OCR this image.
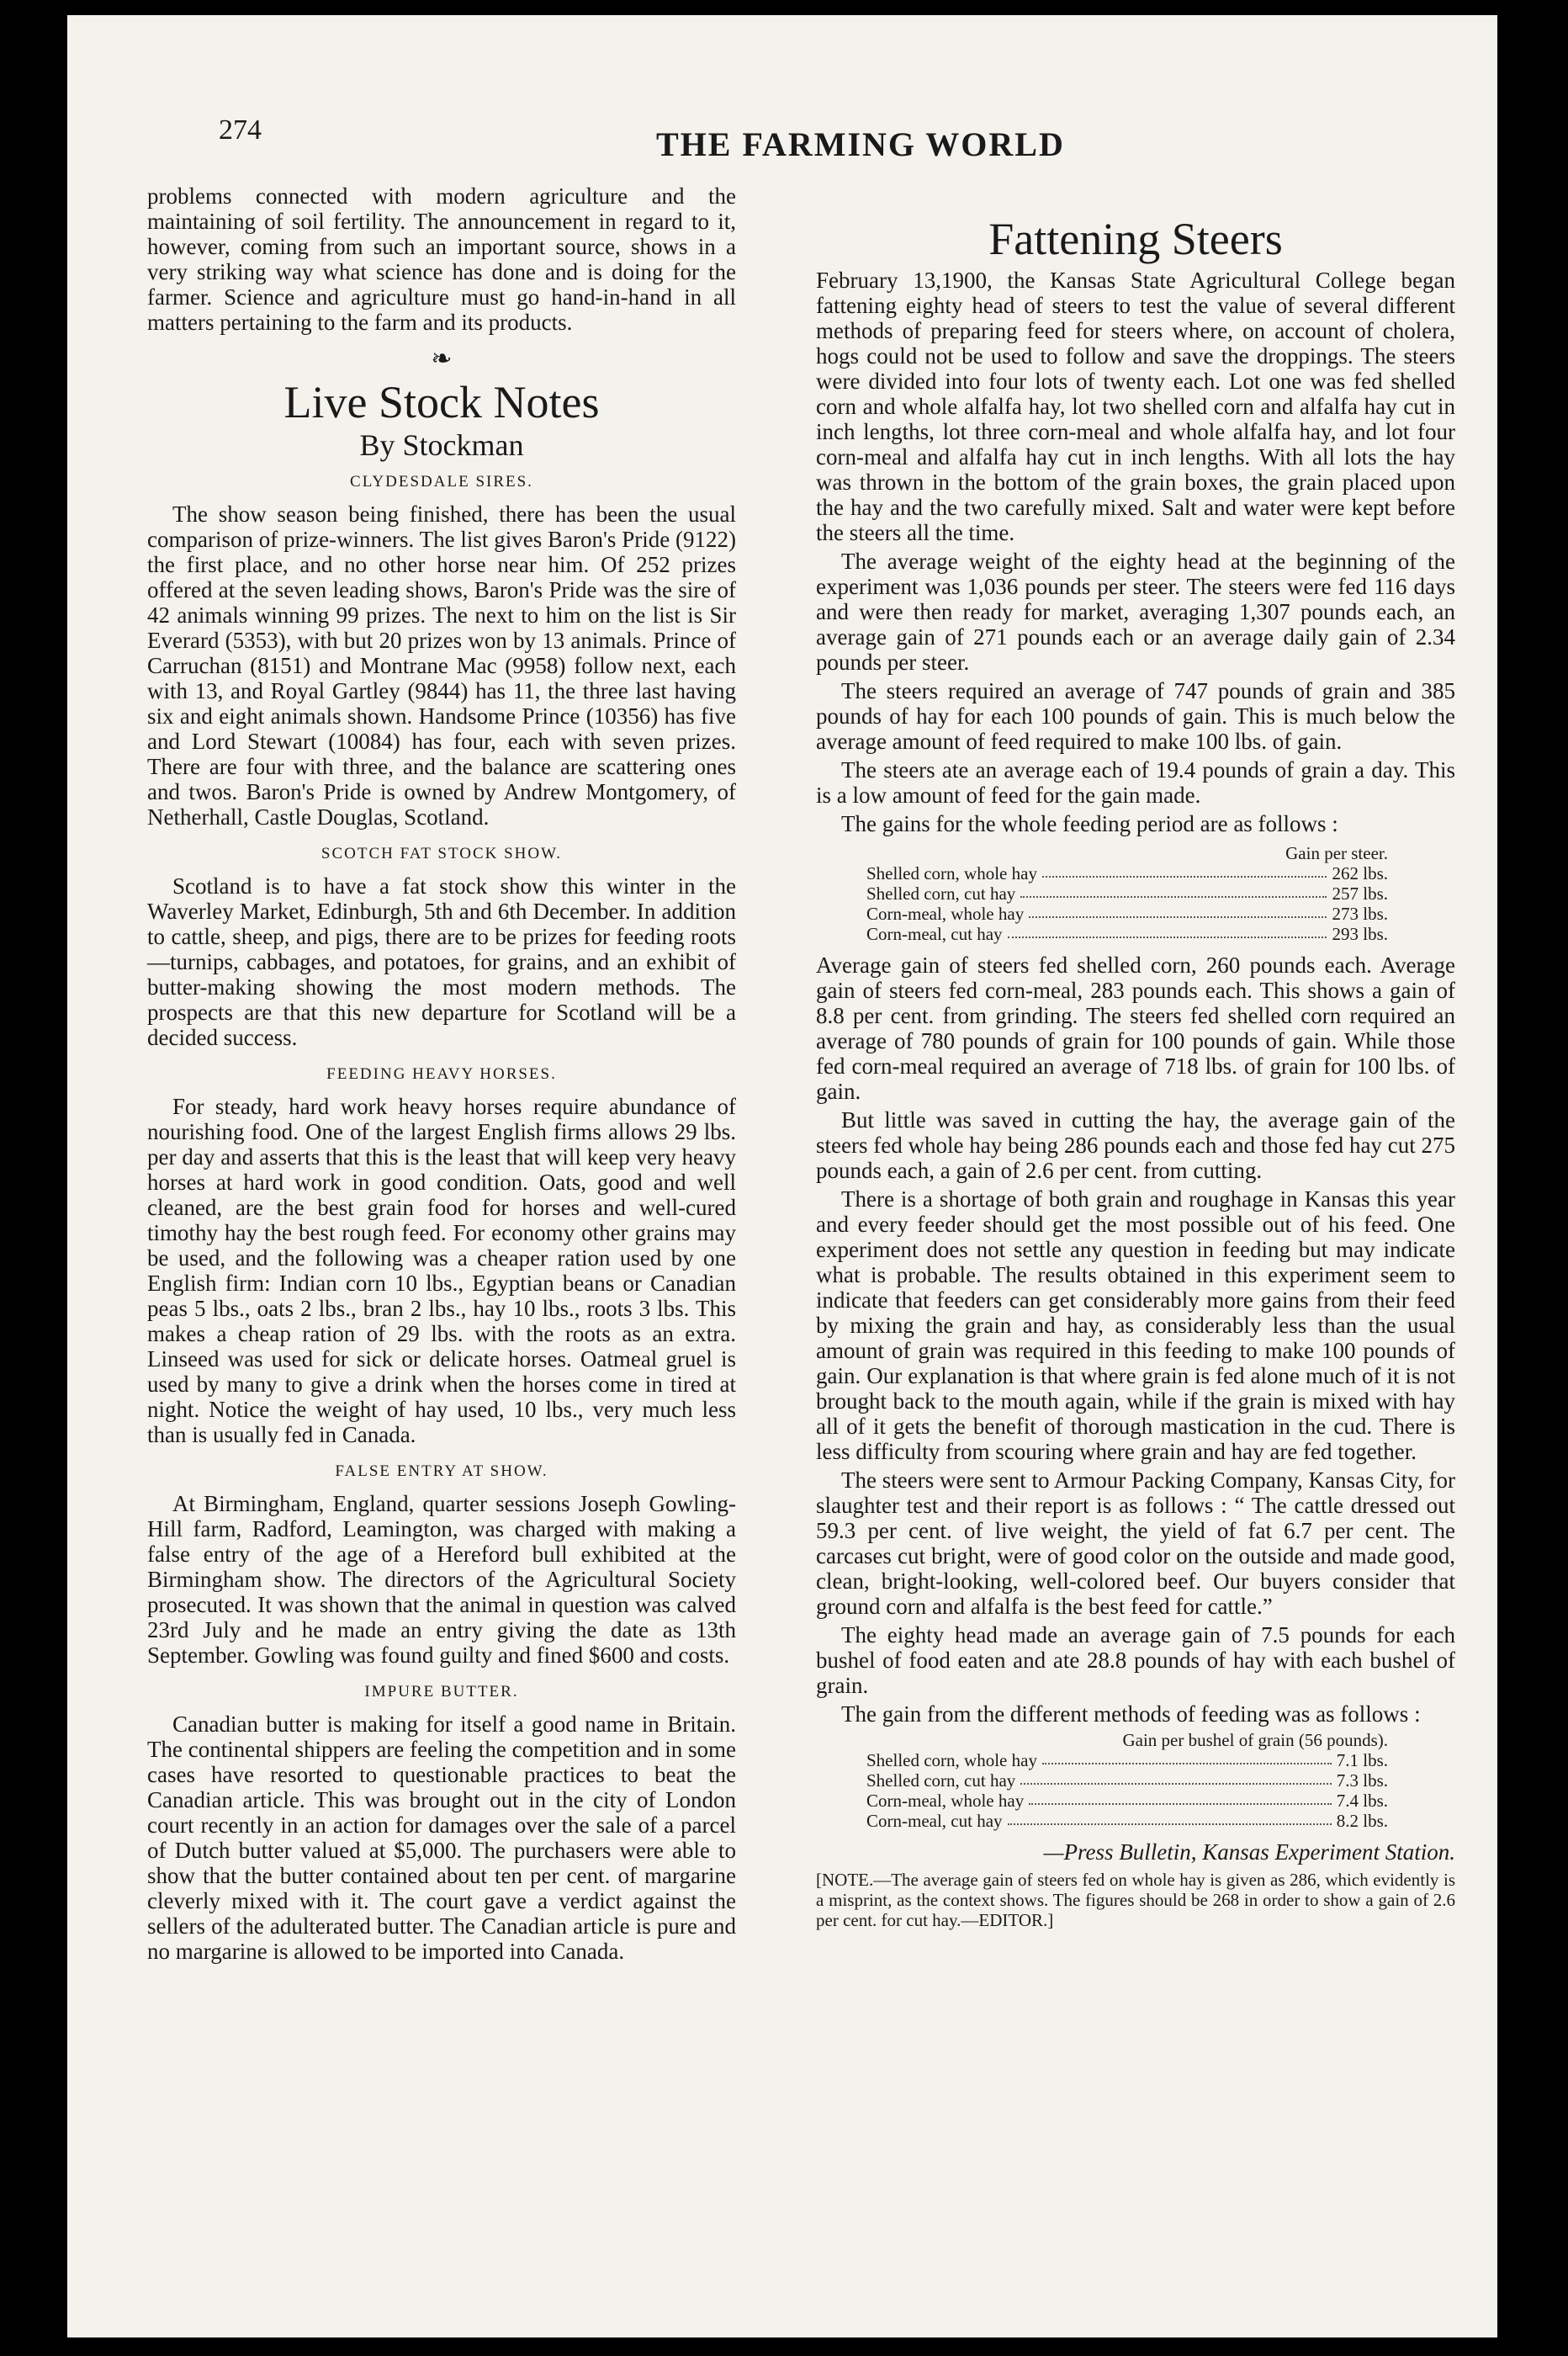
274	THE FARMING WORLD

problems connected with modern agriculture and the maintaining of soil fertility. The announcement in regard to it, however, coming from such an important source, shows in a very striking way what science has done and is doing for the farmer. Science and agriculture must go hand-in-hand in all matters pertaining to the farm and its products.

❧
Live Stock Notes
By Stockman
CLYDESDALE SIRES.

The show season being finished, there has been the usual comparison of prize-winners. The list gives Baron's Pride (9122) the first place, and no other horse near him. Of 252 prizes offered at the seven leading shows, Baron's Pride was the sire of 42 animals winning 99 prizes. The next to him on the list is Sir Everard (5353), with but 20 prizes won by 13 animals. Prince of Carruchan (8151) and Montrane Mac (9958) follow next, each with 13, and Royal Gartley (9844) has 11, the three last having six and eight animals shown. Handsome Prince (10356) has five and Lord Stewart (10084) has four, each with seven prizes. There are four with three, and the balance are scattering ones and twos. Baron's Pride is owned by Andrew Montgomery, of Netherhall, Castle Douglas, Scotland.

SCOTCH FAT STOCK SHOW.

Scotland is to have a fat stock show this winter in the Waverley Market, Edinburgh, 5th and 6th December. In addition to cattle, sheep, and pigs, there are to be prizes for feeding roots—turnips, cabbages, and potatoes, for grains, and an exhibit of butter-making showing the most modern methods. The prospects are that this new departure for Scotland will be a decided success.

FEEDING HEAVY HORSES.

For steady, hard work heavy horses require abundance of nourishing food. One of the largest English firms allows 29 lbs. per day and asserts that this is the least that will keep very heavy horses at hard work in good condition. Oats, good and well cleaned, are the best grain food for horses and well-cured timothy hay the best rough feed. For economy other grains may be used, and the following was a cheaper ration used by one English firm: Indian corn 10 lbs., Egyptian beans or Canadian peas 5 lbs., oats 2 lbs., bran 2 lbs., hay 10 lbs., roots 3 lbs. This makes a cheap ration of 29 lbs. with the roots as an extra. Linseed was used for sick or delicate horses. Oatmeal gruel is used by many to give a drink when the horses come in tired at night. Notice the weight of hay used, 10 lbs., very much less than is usually fed in Canada.

FALSE ENTRY AT SHOW.

At Birmingham, England, quarter sessions Joseph Gowling-Hill farm, Radford, Leamington, was charged with making a false entry of the age of a Hereford bull exhibited at the Birmingham show. The directors of the Agricultural Society prosecuted. It was shown that the animal in question was calved 23rd July and he made an entry giving the date as 13th September. Gowling was found guilty and fined $600 and costs.

IMPURE BUTTER.

Canadian butter is making for itself a good name in Britain. The continental shippers are feeling the competition and in some cases have resorted to questionable practices to beat the Canadian article. This was brought out in the city of London court recently in an action for damages over the sale of a parcel of Dutch butter valued at $5,000. The purchasers were able to show that the butter contained about ten per cent. of margarine cleverly mixed with it. The court gave a verdict against the sellers of the adulterated butter. The Canadian article is pure and no margarine is allowed to be imported into Canada.

Fattening Steers

February 13,1900, the Kansas State Agricultural College began fattening eighty head of steers to test the value of several different methods of preparing feed for steers where, on account of cholera, hogs could not be used to follow and save the droppings. The steers were divided into four lots of twenty each. Lot one was fed shelled corn and whole alfalfa hay, lot two shelled corn and alfalfa hay cut in inch lengths, lot three corn-meal and whole alfalfa hay, and lot four corn-meal and alfalfa hay cut in inch lengths. With all lots the hay was thrown in the bottom of the grain boxes, the grain placed upon the hay and the two carefully mixed. Salt and water were kept before the steers all the time.

The average weight of the eighty head at the beginning of the experiment was 1,036 pounds per steer. The steers were fed 116 days and were then ready for market, averaging 1,307 pounds each, an average gain of 271 pounds each or an average daily gain of 2.34 pounds per steer.

The steers required an average of 747 pounds of grain and 385 pounds of hay for each 100 pounds of gain. This is much below the average amount of feed required to make 100 lbs. of gain.

The steers ate an average each of 19.4 pounds of grain a day. This is a low amount of feed for the gain made.

The gains for the whole feeding period are as follows :

Gain per steer.
Shelled corn, whole hay	262 lbs.
Shelled corn, cut hay	257 lbs.
Corn-meal, whole hay	273 lbs.
Corn-meal, cut hay	293 lbs.

Average gain of steers fed shelled corn, 260 pounds each. Average gain of steers fed corn-meal, 283 pounds each. This shows a gain of 8.8 per cent. from grinding. The steers fed shelled corn required an average of 780 pounds of grain for 100 pounds of gain. While those fed corn-meal required an average of 718 lbs. of grain for 100 lbs. of gain.

But little was saved in cutting the hay, the average gain of the steers fed whole hay being 286 pounds each and those fed hay cut 275 pounds each, a gain of 2.6 per cent. from cutting.

There is a shortage of both grain and roughage in Kansas this year and every feeder should get the most possible out of his feed. One experiment does not settle any question in feeding but may indicate what is probable. The results obtained in this experiment seem to indicate that feeders can get considerably more gains from their feed by mixing the grain and hay, as considerably less than the usual amount of grain was required in this feeding to make 100 pounds of gain. Our explanation is that where grain is fed alone much of it is not brought back to the mouth again, while if the grain is mixed with hay all of it gets the benefit of thorough mastication in the cud. There is less difficulty from scouring where grain and hay are fed together.

The steers were sent to Armour Packing Company, Kansas City, for slaughter test and their report is as follows : “ The cattle dressed out 59.3 per cent. of live weight, the yield of fat 6.7 per cent. The carcases cut bright, were of good color on the outside and made good, clean, bright-looking, well-colored beef. Our buyers consider that ground corn and alfalfa is the best feed for cattle.”

The eighty head made an average gain of 7.5 pounds for each bushel of food eaten and ate 28.8 pounds of hay with each bushel of grain.

The gain from the different methods of feeding was as follows :

Gain per bushel of grain (56 pounds).
Shelled corn, whole hay	7.1 lbs.
Shelled corn, cut hay	7.3 lbs.
Corn-meal, whole hay	7.4 lbs.
Corn-meal, cut hay	8.2 lbs.
—Press Bulletin, Kansas Experiment Station.
[NOTE.—The average gain of steers fed on whole hay is given as 286, which evidently is a misprint, as the context shows. The figures should be 268 in order to show a gain of 2.6 per cent. for cut hay.—EDITOR.]
